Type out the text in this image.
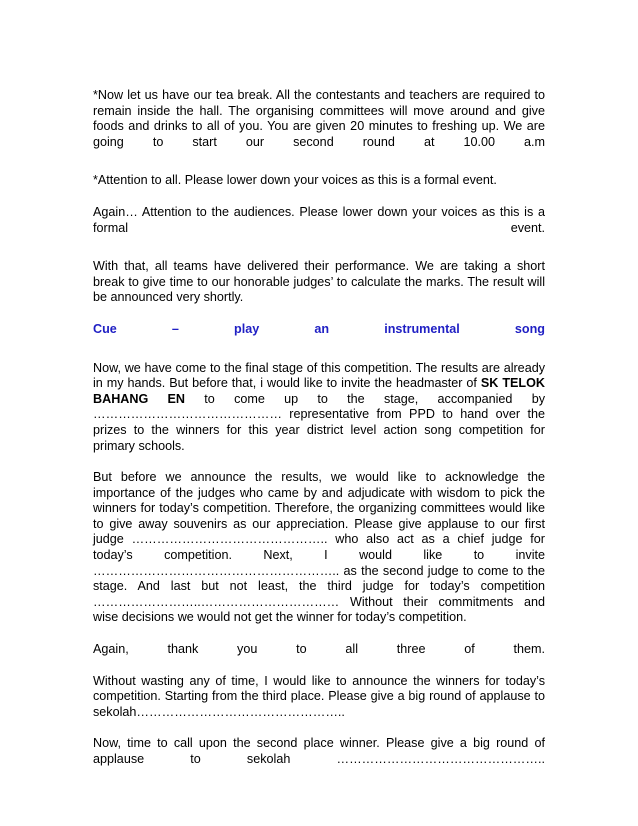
*Now let us have our tea break. All the contestants and teachers are required to remain inside the hall. The organising committees will move around and give foods and drinks to all of you. You are given 20 minutes to freshing up. We are going to start our second round at 10.00 a.m

*Attention to all. Please lower down your voices as this is a formal event.

Again… Attention to the audiences. Please lower down your voices as this is a formal event.

With that, all teams have delivered their performance. We are taking a short break to give time to our honorable judges’ to calculate the marks. The result will be announced very shortly.

Cue – play an instrumental song

Now, we have come to the final stage of this competition. The results are already in my hands. But before that, i would like to invite the headmaster of SK TELOK BAHANG EN to come up to the stage, accompanied by ……………………………………… representative from PPD to hand over the prizes to the winners for this year district level action song competition for primary schools.

But before we announce the results, we would like to acknowledge the importance of the judges who came by and adjudicate with wisdom to pick the winners for today’s competition. Therefore, the organizing committees would like to give away souvenirs as our appreciation. Please give applause to our first judge ……………………………………….. who also act as a chief judge for today’s competition. Next, I would like to invite ………………………………………………….. as the second judge to come to the stage. And last but not least, the third judge for today’s competition ……………………..…………………………… Without their commitments and wise decisions we would not get the winner for today’s competition.

Again, thank you to all three of them.

Without wasting any of time, I would like to announce the winners for today’s competition. Starting from the third place. Please give a big round of applause to sekolah…………………………………………..

Now, time to call upon the second place winner. Please give a big round of applause to sekolah …………………………………………..
